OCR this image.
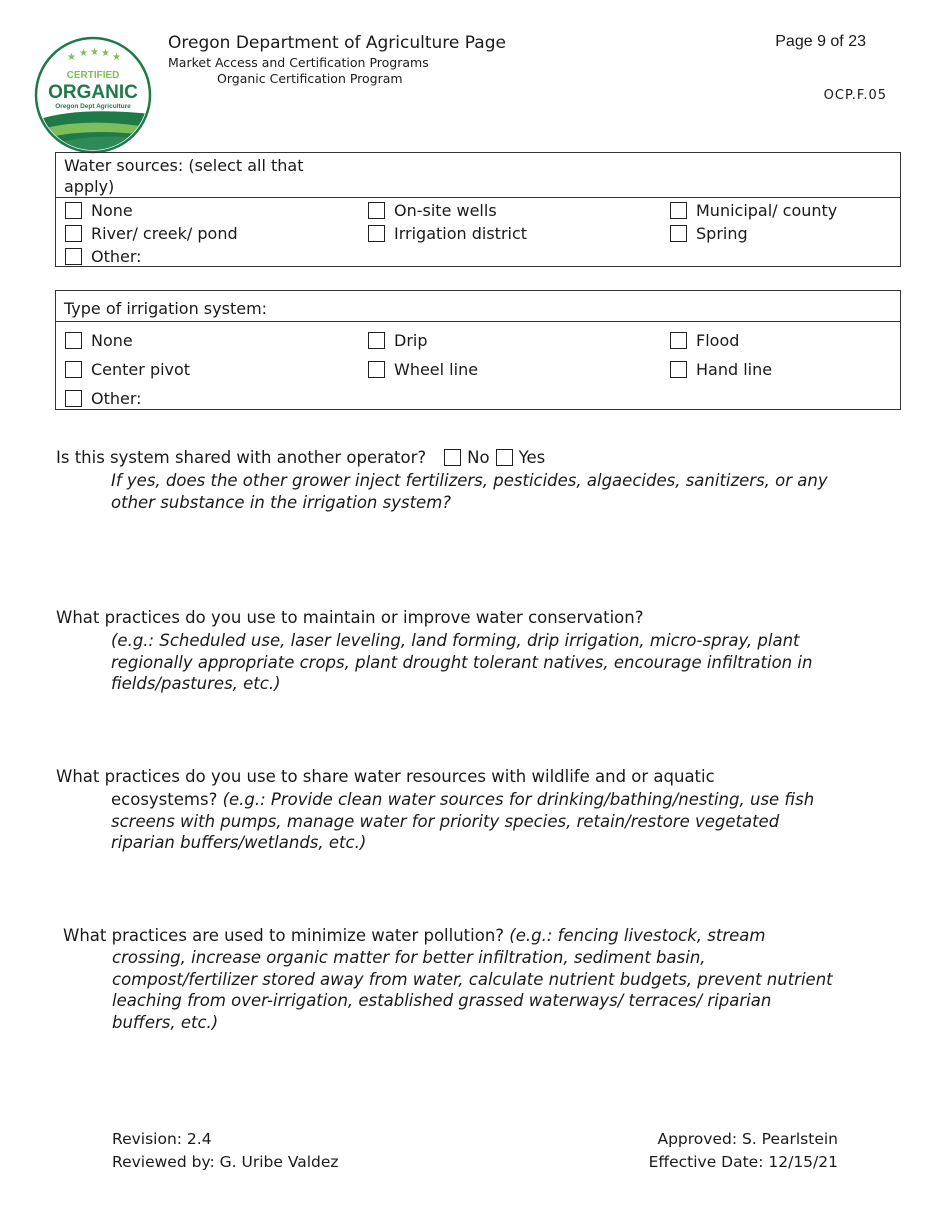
★ ★ ★ ★ ★
CERTIFIED
ORGANIC
Oregon Dept Agriculture
Oregon Department of Agriculture Page
Market Access and Certification Programs
Organic Certification Program
Page 9 of 23
OCP.F.05
Water sources: (select all that apply)
None	On-site wells	Municipal/ county
River/ creek/ pond	Irrigation district	Spring
Other:
Type of irrigation system:
None	Drip	Flood
Center pivot	Wheel line	Hand line
Other:
Is this system shared with another operator? No Yes
If yes, does the other grower inject fertilizers, pesticides, algaecides, sanitizers, or any other substance in the irrigation system?
What practices do you use to maintain or improve water conservation?
(e.g.: Scheduled use, laser leveling, land forming, drip irrigation, micro-spray, plant regionally appropriate crops, plant drought tolerant natives, encourage infiltration in fields/pastures, etc.)
What practices do you use to share water resources with wildlife and or aquatic
ecosystems? (e.g.: Provide clean water sources for drinking/bathing/nesting, use fish screens with pumps, manage water for priority species, retain/restore vegetated riparian buffers/wetlands, etc.)
What practices are used to minimize water pollution? (e.g.: fencing livestock, stream
crossing, increase organic matter for better infiltration, sediment basin, compost/fertilizer stored away from water, calculate nutrient budgets, prevent nutrient leaching from over-irrigation, established grassed waterways/ terraces/ riparian buffers, etc.)
Revision: 2.4
Reviewed by: G. Uribe Valdez
Approved: S. Pearlstein
Effective Date: 12/15/21
